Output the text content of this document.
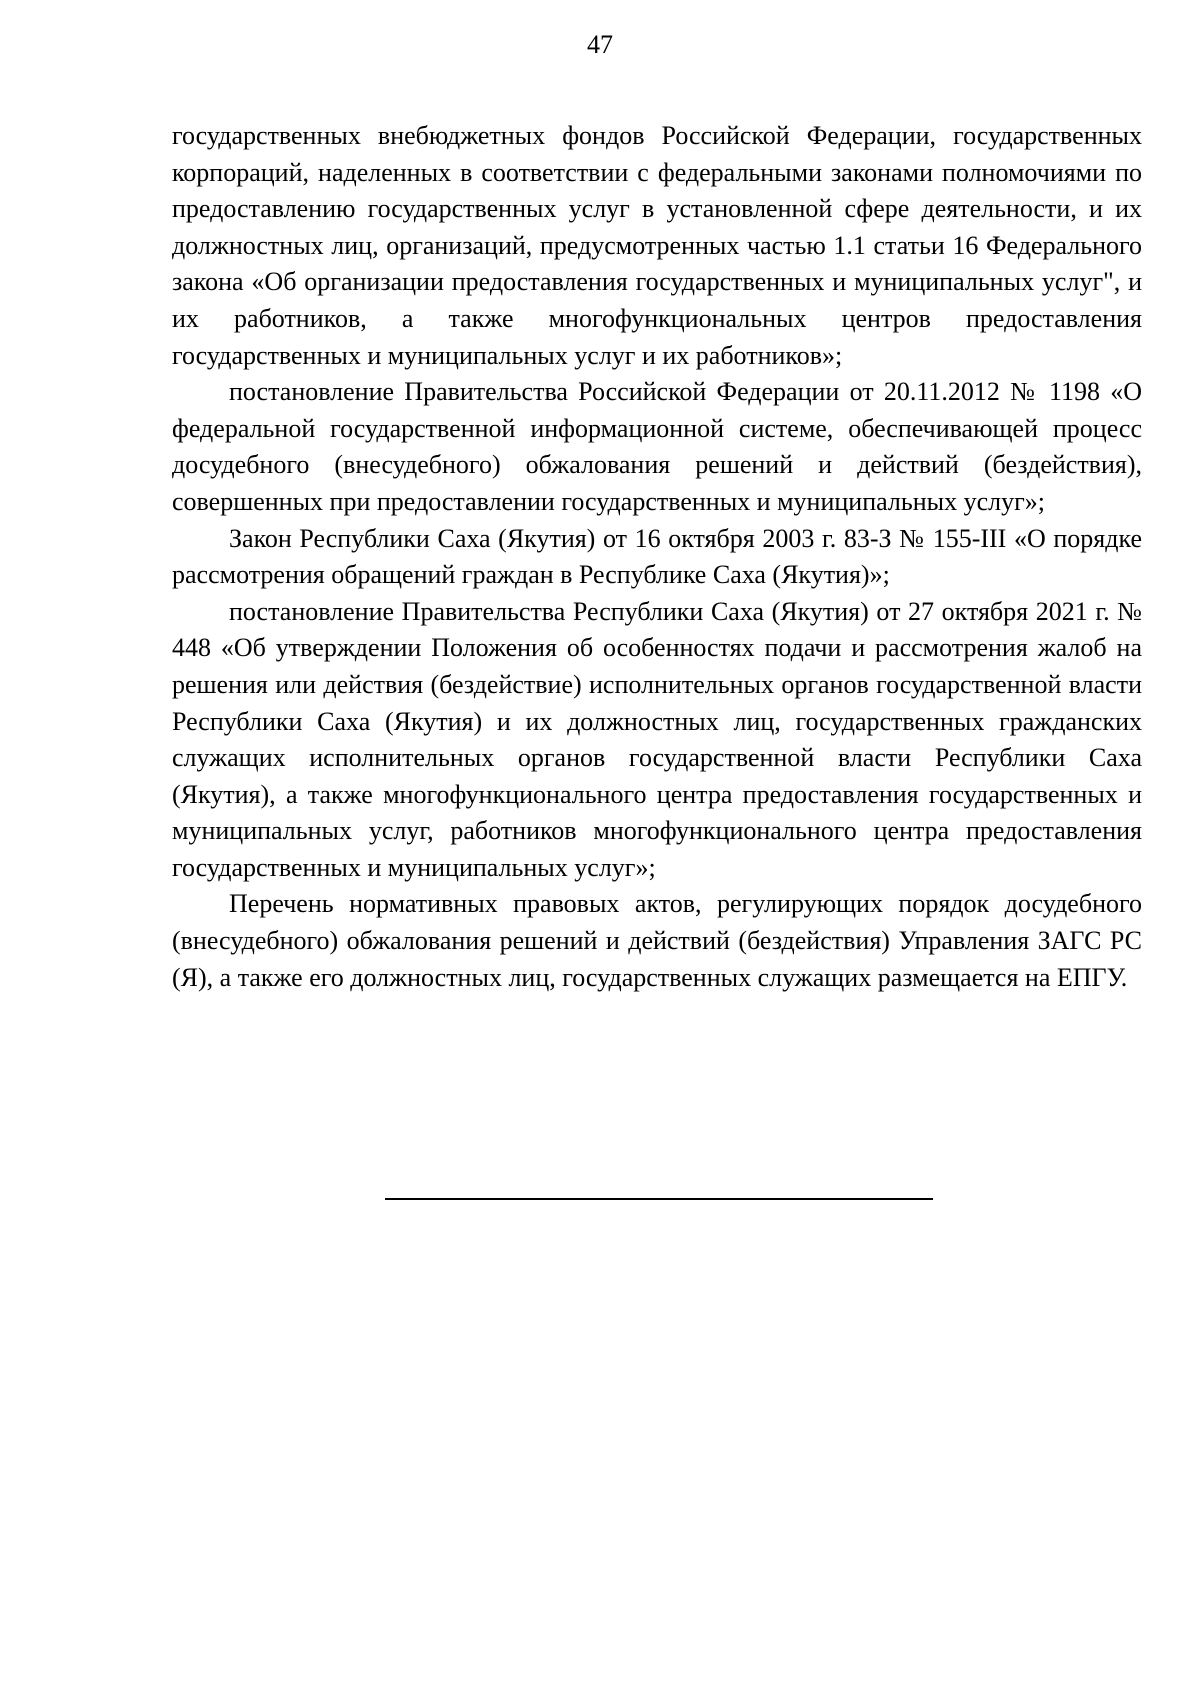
47

государственных внебюджетных фондов Российской Федерации, государственных корпораций, наделенных в соответствии с федеральными законами полномочиями по предоставлению государственных услуг в установленной сфере деятельности, и их должностных лиц, организаций, предусмотренных частью 1.1 статьи 16 Федерального закона «Об организации предоставления государственных и муниципальных услуг", и их работников, а также многофункциональных центров предоставления государственных и муниципальных услуг и их работников»;

постановление Правительства Российской Федерации от 20.11.2012 № 1198 «О федеральной государственной информационной системе, обеспечивающей процесс досудебного (внесудебного) обжалования решений и действий (бездействия), совершенных при предоставлении государственных и муниципальных услуг»;

Закон Республики Саха (Якутия) от 16 октября 2003 г. 83-З № 155-III «О порядке рассмотрения обращений граждан в Республике Саха (Якутия)»;

постановление Правительства Республики Саха (Якутия) от 27 октября 2021 г. № 448 «Об утверждении Положения об особенностях подачи и рассмотрения жалоб на решения или действия (бездействие) исполнительных органов государственной власти Республики Саха (Якутия) и их должностных лиц, государственных гражданских служащих исполнительных органов государственной власти Республики Саха (Якутия), а также многофункционального центра предоставления государственных и муниципальных услуг, работников многофункционального центра предоставления государственных и муниципальных услуг»;

Перечень нормативных правовых актов, регулирующих порядок досудебного (внесудебного) обжалования решений и действий (бездействия) Управления ЗАГС РС (Я), а также его должностных лиц, государственных служащих размещается на ЕПГУ.
